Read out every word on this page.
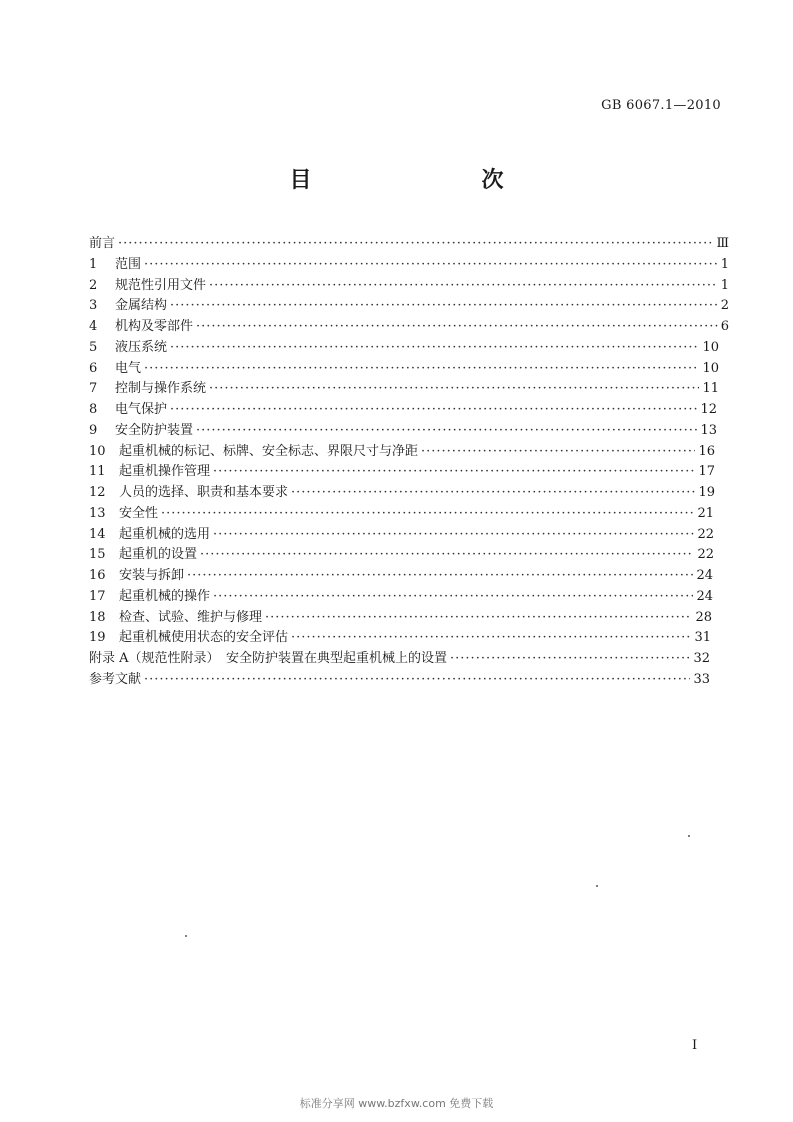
GB 6067.1—2010
目　　次
前言 ·····	Ⅲ
1	范围 ·····	1
2	规范性引用文件 ·····	1
3	金属结构 ·····	2
4	机构及零部件 ·····	6
5	液压系统 ·····	10
6	电气 ·····	10
7	控制与操作系统 ·····	11
8	电气保护 ·····	12
9	安全防护装置 ·····	13
10	起重机械的标记、标牌、安全标志、界限尺寸与净距 ·····	16
11	起重机操作管理 ·····	17
12	人员的选择、职责和基本要求 ·····	19
13	安全性 ·····	21
14	起重机械的选用 ·····	22
15	起重机的设置 ·····	22
16	安装与拆卸 ·····	24
17	起重机械的操作 ·····	24
18	检查、试验、维护与修理 ·····	28
19	起重机械使用状态的安全评估 ·····	31
附录 A（规范性附录）　安全防护装置在典型起重机械上的设置 ·····	32
参考文献 ·····	33
I
标准分享网 www.bzfxw.com 免费下载
